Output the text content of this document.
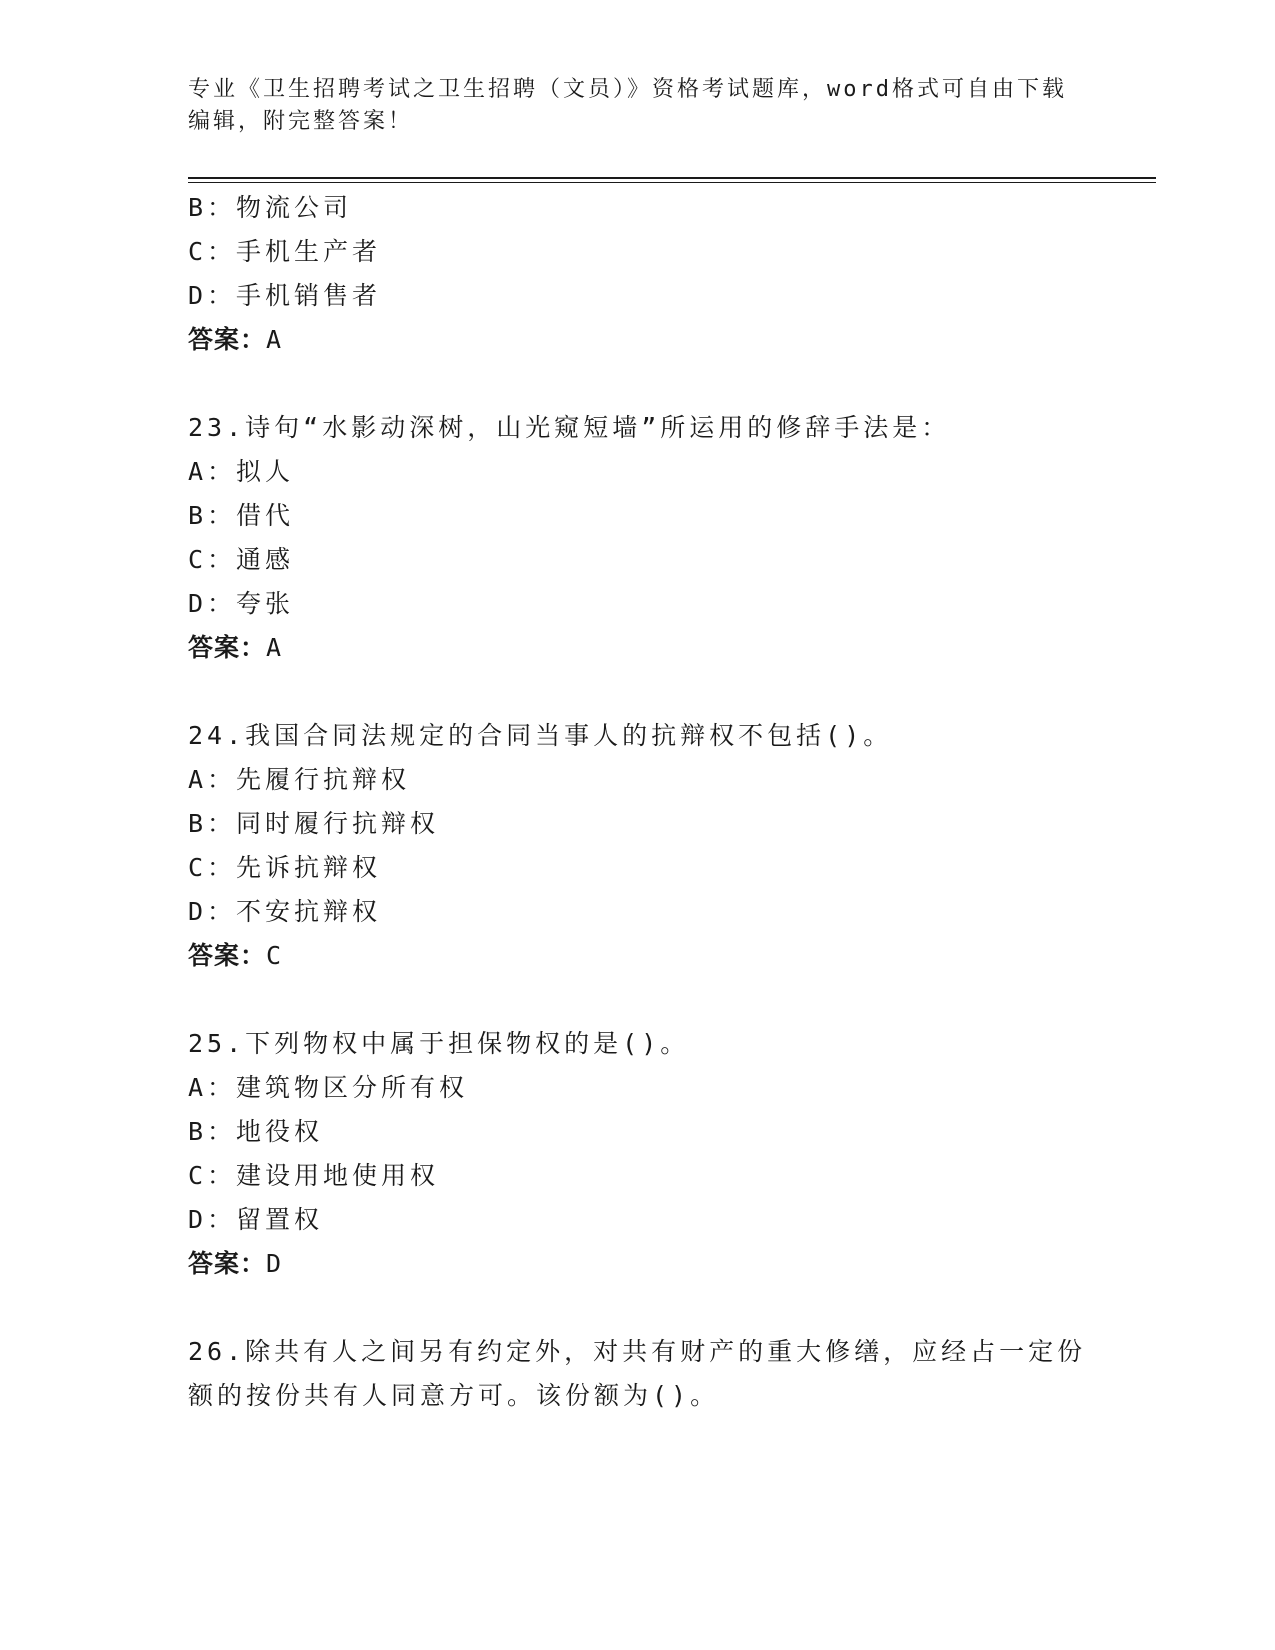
专业《卫生招聘考试之卫生招聘（文员）》资格考试题库，word格式可自由下载
编辑，附完整答案！
B：物流公司
C：手机生产者
D：手机销售者
答案：A
23.诗句“水影动深树，山光窥短墙”所运用的修辞手法是：
A：拟人
B：借代
C：通感
D：夸张
答案：A
24.我国合同法规定的合同当事人的抗辩权不包括()。
A：先履行抗辩权
B：同时履行抗辩权
C：先诉抗辩权
D：不安抗辩权
答案：C
25.下列物权中属于担保物权的是()。
A：建筑物区分所有权
B：地役权
C：建设用地使用权
D：留置权
答案：D
26.除共有人之间另有约定外，对共有财产的重大修缮，应经占一定份
额的按份共有人同意方可。该份额为()。
